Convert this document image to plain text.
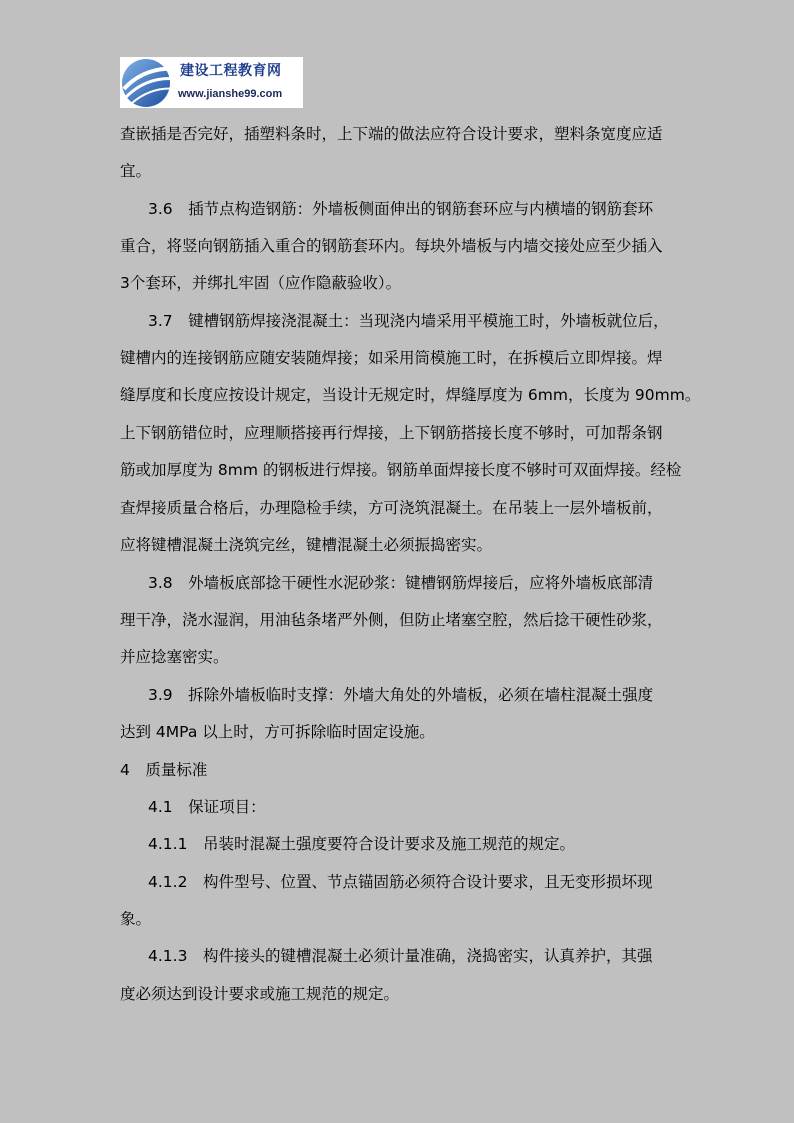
建设工程教育网
www.jianshe99.com
查嵌插是否完好，插塑料条时，上下端的做法应符合设计要求，塑料条宽度应适
宜。
3.6　插节点构造钢筋：外墙板侧面伸出的钢筋套环应与内横墙的钢筋套环
重合，将竖向钢筋插入重合的钢筋套环内。每块外墙板与内墙交接处应至少插入
3个套环，并绑扎牢固（应作隐蔽验收）。
3.7　键槽钢筋焊接浇混凝土：当现浇内墙采用平模施工时，外墙板就位后，
键槽内的连接钢筋应随安装随焊接；如采用筒模施工时，在拆模后立即焊接。焊
缝厚度和长度应按设计规定，当设计无规定时，焊缝厚度为 6mm，长度为 90mm。
上下钢筋错位时，应理顺搭接再行焊接，上下钢筋搭接长度不够时，可加帮条钢
筋或加厚度为 8mm 的钢板进行焊接。钢筋单面焊接长度不够时可双面焊接。经检
查焊接质量合格后，办理隐检手续，方可浇筑混凝土。在吊装上一层外墙板前，
应将键槽混凝土浇筑完丝，键槽混凝土必须振捣密实。
3.8　外墙板底部捻干硬性水泥砂浆：键槽钢筋焊接后，应将外墙板底部清
理干净，浇水湿润，用油毡条堵严外侧，但防止堵塞空腔，然后捻干硬性砂浆，
并应捻塞密实。
3.9　拆除外墙板临时支撑：外墙大角处的外墙板，必须在墙柱混凝土强度
达到 4MPa 以上时，方可拆除临时固定设施。
4　质量标准
4.1　保证项目：
4.1.1　吊装时混凝土强度要符合设计要求及施工规范的规定。
4.1.2　构件型号、位置、节点锚固筋必须符合设计要求，且无变形损坏现
象。
4.1.3　构件接头的键槽混凝土必须计量准确，浇捣密实，认真养护，其强
度必须达到设计要求或施工规范的规定。
